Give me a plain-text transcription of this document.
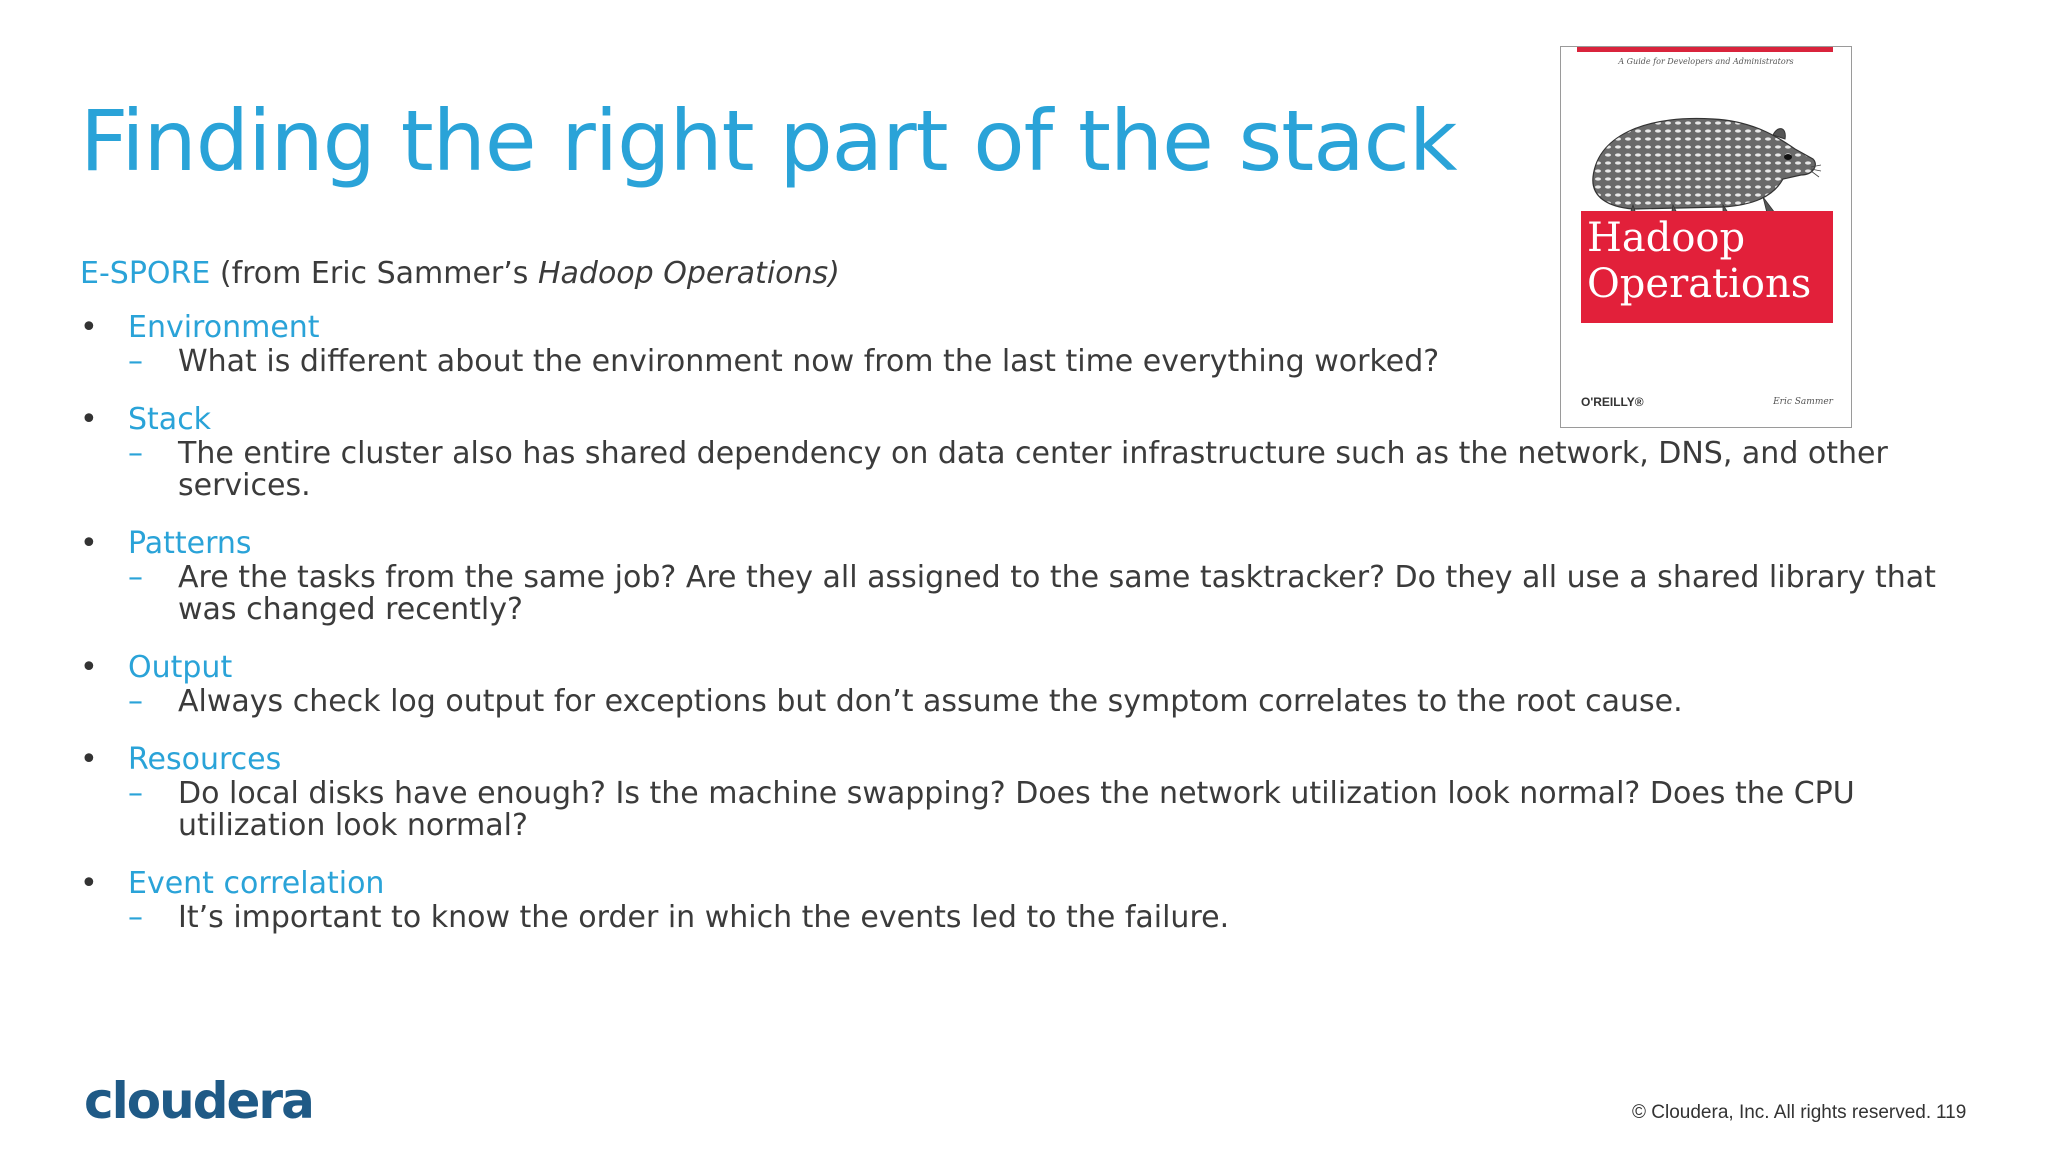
Finding the right part of the stack
E-SPORE (from Eric Sammer’s Hadoop Operations)
• Environment
– What is different about the environment now from the last time everything worked?
• Stack
– The entire cluster also has shared dependency on data center infrastructure such as the network, DNS, and other services.
• Patterns
– Are the tasks from the same job? Are they all assigned to the same tasktracker? Do they all use a shared library that was changed recently?
• Output
– Always check log output for exceptions but don’t assume the symptom correlates to the root cause.
• Resources
– Do local disks have enough? Is the machine swapping? Does the network utilization look normal? Does the CPU utilization look normal?
• Event correlation
– It’s important to know the order in which the events led to the failure.
A Guide for Developers and Administrators
Hadoop
Operations
O'REILLY®	Eric Sammer
cloudera	© Cloudera, Inc. All rights reserved. 119
